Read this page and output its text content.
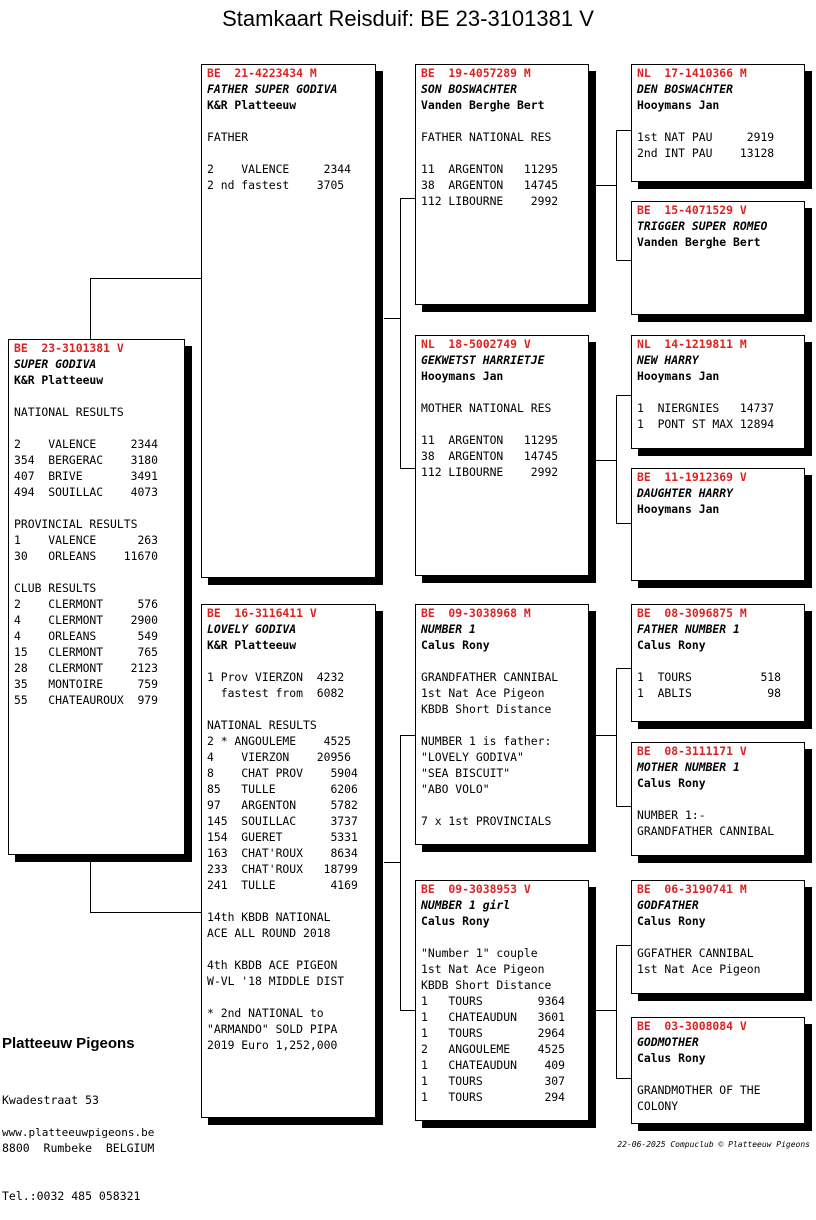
Stamkaart Reisduif: BE 23-3101381 V
BE  23-3101381 V
SUPER GODIVA
K&R Platteeuw
NATIONAL RESULTS
2    VALENCE     2344
354  BERGERAC    3180
407  BRIVE       3491
494  SOUILLAC    4073
PROVINCIAL RESULTS
1    VALENCE      263
30   ORLEANS    11670
CLUB RESULTS
2    CLERMONT     576
4    CLERMONT    2900
4    ORLEANS      549
15   CLERMONT     765
28   CLERMONT    2123
35   MONTOIRE     759
55   CHATEAUROUX  979
BE  21-4223434 M
FATHER SUPER GODIVA
K&R Platteeuw
FATHER
2    VALENCE     2344
2 nd fastest    3705
BE  16-3116411 V
LOVELY GODIVA
K&R Platteeuw
1 Prov VIERZON  4232
fastest from  6082
NATIONAL RESULTS
2 * ANGOULEME    4525
4    VIERZON    20956
8    CHAT PROV    5904
85   TULLE        6206
97   ARGENTON     5782
145  SOUILLAC     3737
154  GUERET       5331
163  CHAT'ROUX    8634
233  CHAT'ROUX   18799
241  TULLE        4169
14th KBDB NATIONAL
ACE ALL ROUND 2018
4th KBDB ACE PIGEON
W-VL '18 MIDDLE DIST
* 2nd NATIONAL to
"ARMANDO" SOLD PIPA
2019 Euro 1,252,000
BE  19-4057289 M
SON BOSWACHTER
Vanden Berghe Bert
FATHER NATIONAL RES
11  ARGENTON   11295
38  ARGENTON   14745
112 LIBOURNE    2992
NL  18-5002749 V
GEKWETST HARRIETJE
Hooymans Jan
MOTHER NATIONAL RES
11  ARGENTON   11295
38  ARGENTON   14745
112 LIBOURNE    2992
BE  09-3038968 M
NUMBER 1
Calus Rony
GRANDFATHER CANNIBAL
1st Nat Ace Pigeon
KBDB Short Distance
NUMBER 1 is father:
"LOVELY GODIVA"
"SEA BISCUIT"
"ABO VOLO"
7 x 1st PROVINCIALS
BE  09-3038953 V
NUMBER 1 girl
Calus Rony
"Number 1" couple
1st Nat Ace Pigeon
KBDB Short Distance
1   TOURS        9364
1   CHATEAUDUN   3601
1   TOURS        2964
2   ANGOULEME    4525
1   CHATEAUDUN    409
1   TOURS         307
1   TOURS         294
NL  17-1410366 M
DEN BOSWACHTER
Hooymans Jan
1st NAT PAU     2919
2nd INT PAU    13128
BE  15-4071529 V
TRIGGER SUPER ROMEO
Vanden Berghe Bert
NL  14-1219811 M
NEW HARRY
Hooymans Jan
1  NIERGNIES   14737
1  PONT ST MAX 12894
BE  11-1912369 V
DAUGHTER HARRY
Hooymans Jan
BE  08-3096875 M
FATHER NUMBER 1
Calus Rony
1  TOURS          518
1  ABLIS           98
BE  08-3111171 V
MOTHER NUMBER 1
Calus Rony
NUMBER 1:-
GRANDFATHER CANNIBAL
BE  06-3190741 M
GODFATHER
Calus Rony
GGFATHER CANNIBAL
1st Nat Ace Pigeon
BE  03-3008084 V
GODMOTHER
Calus Rony
GRANDMOTHER OF THE
COLONY
Platteeuw Pigeons

Kwadestraat 53

8800  Rumbeke  BELGIUM

Tel.:0032 485 058321

www.platteeuwpigeons.be
22-06-2025 Compuclub © Platteeuw Pigeons
